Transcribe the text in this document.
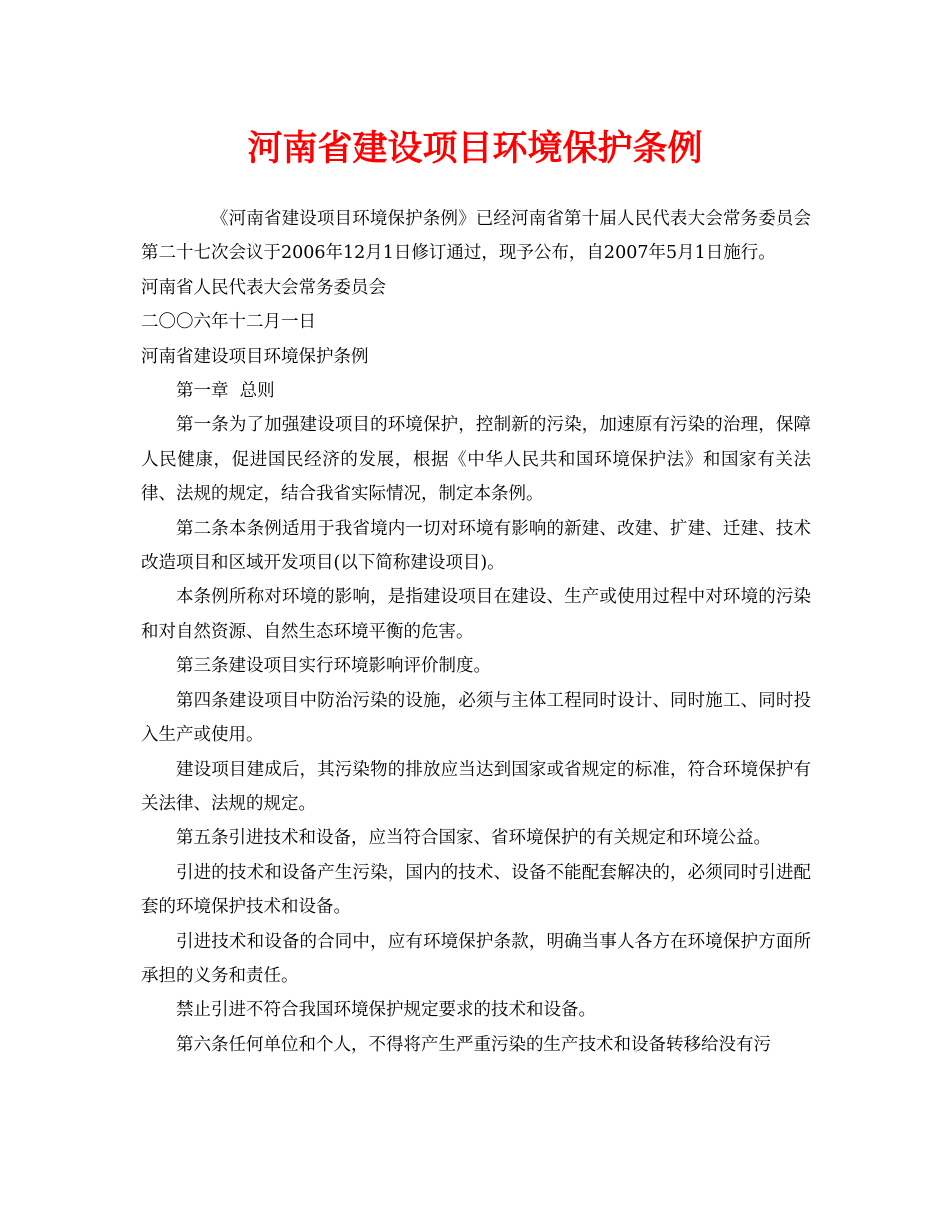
河南省建设项目环境保护条例

《河南省建设项目环境保护条例》已经河南省第十届人民代表大会常务委员会第二十七次会议于2006年12月1日修订通过，现予公布，自2007年5月1日施行。

河南省人民代表大会常务委员会

二〇〇六年十二月一日

河南省建设项目环境保护条例

第一章  总则

第一条为了加强建设项目的环境保护，控制新的污染，加速原有污染的治理，保障人民健康，促进国民经济的发展，根据《中华人民共和国环境保护法》和国家有关法律、法规的规定，结合我省实际情况，制定本条例。

第二条本条例适用于我省境内一切对环境有影响的新建、改建、扩建、迁建、技术改造项目和区域开发项目(以下简称建设项目)。

本条例所称对环境的影响，是指建设项目在建设、生产或使用过程中对环境的污染和对自然资源、自然生态环境平衡的危害。

第三条建设项目实行环境影响评价制度。

第四条建设项目中防治污染的设施，必须与主体工程同时设计、同时施工、同时投入生产或使用。

建设项目建成后，其污染物的排放应当达到国家或省规定的标准，符合环境保护有关法律、法规的规定。

第五条引进技术和设备，应当符合国家、省环境保护的有关规定和环境公益。

引进的技术和设备产生污染，国内的技术、设备不能配套解决的，必须同时引进配套的环境保护技术和设备。

引进技术和设备的合同中，应有环境保护条款，明确当事人各方在环境保护方面所承担的义务和责任。

禁止引进不符合我国环境保护规定要求的技术和设备。

第六条任何单位和个人，不得将产生严重污染的生产技术和设备转移给没有污
